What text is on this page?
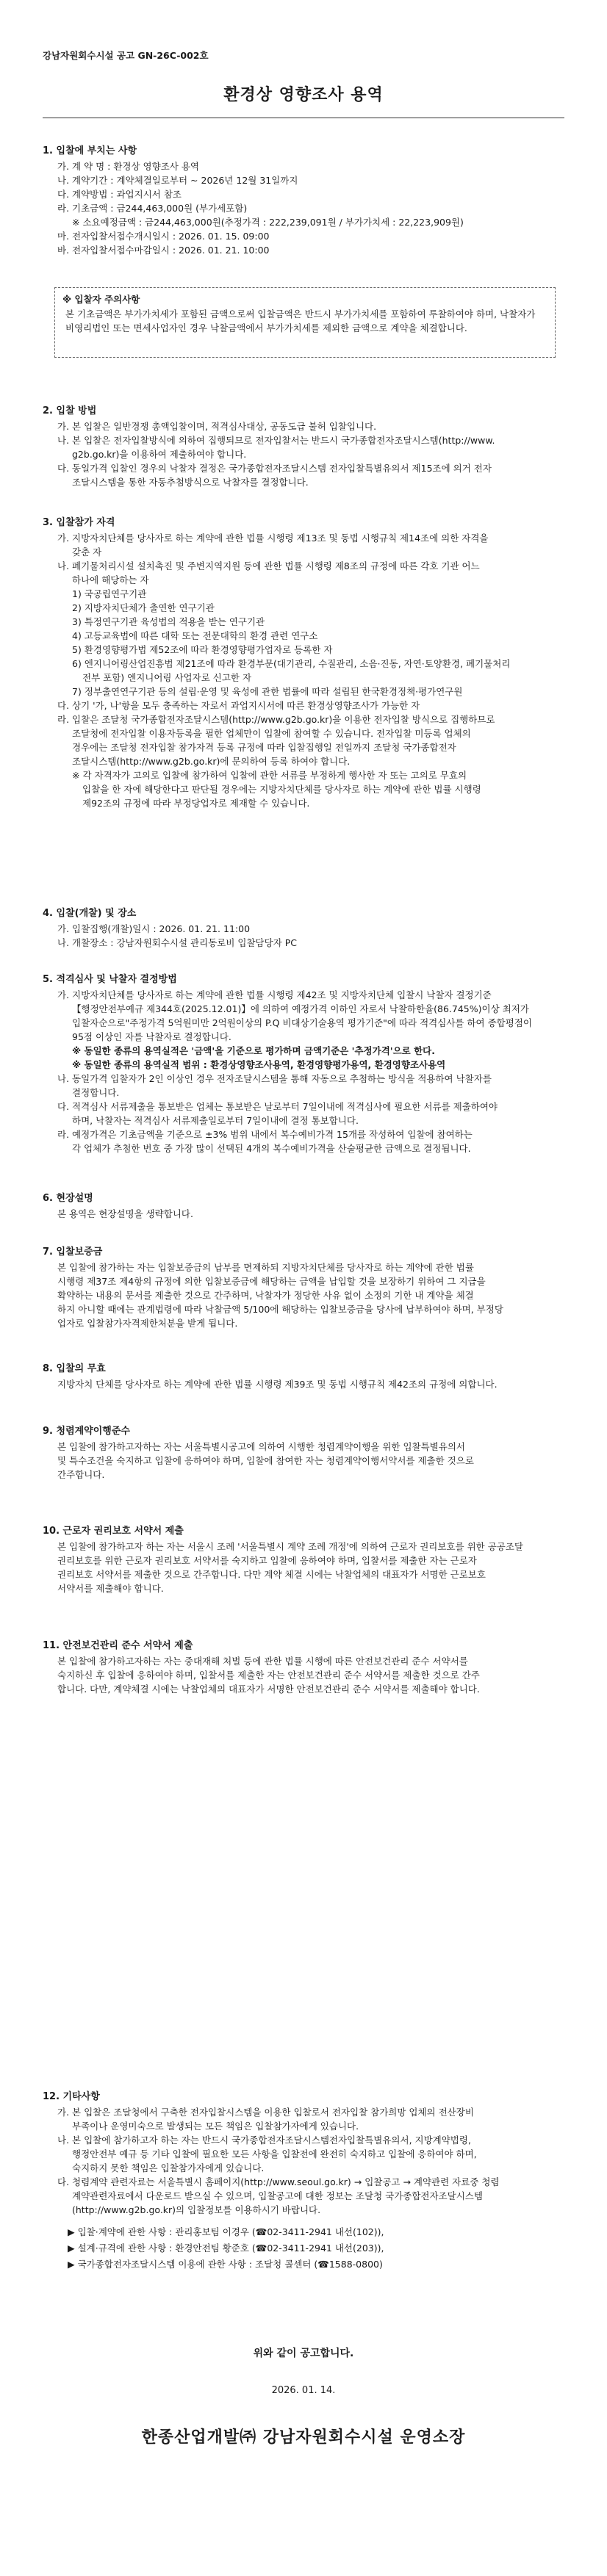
강남자원회수시설 공고 GN-26C-002호
환경상 영향조사 용역
1. 입찰에 부치는 사항
가. 계 약 명 : 환경상 영향조사 용역
나. 계약기간 : 계약체결일로부터 ~ 2026년 12월 31일까지
다. 계약방법 : 과업지시서 참조
라. 기초금액 : 금244,463,000원 (부가세포함)
※ 소요예정금액 : 금244,463,000원(추정가격 : 222,239,091원 / 부가가치세 : 22,223,909원)
마. 전자입찰서접수개시일시 : 2026. 01. 15. 09:00
바. 전자입찰서접수마감일시 : 2026. 01. 21. 10:00
※ 입찰자 주의사항
본 기초금액은 부가가치세가 포함된 금액으로써 입찰금액은 반드시 부가가치세를 포함하여 투찰하여야 하며, 낙찰자가 비영리법인 또는 면세사업자인 경우 낙찰금액에서 부가가치세를 제외한 금액으로 계약을 체결합니다.
2. 입찰 방법
가. 본 입찰은 일반경쟁 총액입찰이며, 적격심사대상, 공동도급 불허 입찰입니다.
나. 본 입찰은 전자입찰방식에 의하여 집행되므로 전자입찰서는 반드시 국가종합전자조달시스템(http://www.
g2b.go.kr)을 이용하여 제출하여야 합니다.
다. 동일가격 입찰인 경우의 낙찰자 결정은 국가종합전자조달시스템 전자입찰특별유의서 제15조에 의거 전자
조달시스템을 통한 자동추첨방식으로 낙찰자를 결정합니다.
3. 입찰참가 자격
가. 지방자치단체를 당사자로 하는 계약에 관한 법률 시행령 제13조 및 동법 시행규칙 제14조에 의한 자격을
갖춘 자
나. 폐기물처리시설 설치촉진 및 주변지역지원 등에 관한 법률 시행령 제8조의 규정에 따른 각호 기관 어느
하나에 해당하는 자
1) 국공립연구기관
2) 지방자치단체가 출연한 연구기관
3) 특정연구기관 육성법의 적용을 받는 연구기관
4) 고등교육법에 따른 대학 또는 전문대학의 환경 관련 연구소
5) 환경영향평가법 제52조에 따라 환경영향평가업자로 등록한 자
6) 엔지니어링산업진흥법 제21조에 따라 환경부문(대기관리, 수질관리, 소음·진동, 자연·토양환경, 폐기물처리
전부 포함) 엔지니어링 사업자로 신고한 자
7) 정부출연연구기관 등의 설립·운영 및 육성에 관한 법률에 따라 설립된 한국환경정책·평가연구원
다. 상기 '가, 나'항을 모두 충족하는 자로서 과업지시서에 따른 환경상영향조사가 가능한 자
라. 입찰은 조달청 국가종합전자조달시스템(http://www.g2b.go.kr)을 이용한 전자입찰 방식으로 집행하므로
조달청에 전자입찰 이용자등록을 필한 업체만이 입찰에 참여할 수 있습니다. 전자입찰 미등록 업체의
경우에는 조달청 전자입찰 참가자격 등록 규정에 따라 입찰집행일 전일까지 조달청 국가종합전자
조달시스템(http://www.g2b.go.kr)에 문의하여 등록 하여야 합니다.
※ 각 자격자가 고의로 입찰에 참가하여 입찰에 관한 서류를 부정하게 행사한 자 또는 고의로 무효의
입찰을 한 자에 해당한다고 판단될 경우에는 지방자치단체를 당사자로 하는 계약에 관한 법률 시행령
제92조의 규정에 따라 부정당업자로 제재할 수 있습니다.
4. 입찰(개찰) 및 장소
가. 입찰집행(개찰)일시 : 2026. 01. 21. 11:00
나. 개찰장소 : 강남자원회수시설 관리동로비 입찰담당자 PC
5. 적격심사 및 낙찰자 결정방법
가. 지방자치단체를 당사자로 하는 계약에 관한 법률 시행령 제42조 및 지방자치단체 입찰시 낙찰자 결정기준
【행정안전부예규 제344호(2025.12.01)】에 의하여 예정가격 이하인 자로서 낙찰하한율(86.745%)이상 최저가
입찰자순으로"주정가격 5억원미만 2억원이상의 P.Q 비대상기술용역 평가기준"에 따라 적격심사를 하여 종합평점이
95점 이상인 자를 낙찰자로 결정합니다.
※ 동일한 종류의 용역실적은 '금액'을 기준으로 평가하며 금액기준은 '추정가격'으로 한다.
※ 동일한 종류의 용역실적 범위 : 환경상영향조사용역, 환경영향평가용역, 환경영향조사용역
나. 동일가격 입찰자가 2인 이상인 경우 전자조달시스템을 통해 자동으로 추첨하는 방식을 적용하여 낙찰자를
결정합니다.
다. 적격심사 서류제출을 통보받은 업체는 통보받은 날로부터 7일이내에 적격심사에 필요한 서류를 제출하여야
하며, 낙찰자는 적격심사 서류제출일로부터 7일이내에 결정 통보합니다.
라. 예정가격은 기초금액을 기준으로 ±3% 범위 내에서 복수예비가격 15개를 작성하여 입찰에 참여하는
각 업체가 추첨한 번호 중 가장 많이 선택된 4개의 복수예비가격을 산술평균한 금액으로 결정됩니다.
6. 현장설명
본 용역은 현장설명을 생략합니다.
7. 입찰보증금
본 입찰에 참가하는 자는 입찰보증금의 납부를 면제하되 지방자치단체를 당사자로 하는 계약에 관한 법률
시행령 제37조 제4항의 규정에 의한 입찰보증금에 해당하는 금액을 납입할 것을 보장하기 위하여 그 지급을
확약하는 내용의 문서를 제출한 것으로 간주하며, 낙찰자가 정당한 사유 없이 소정의 기한 내 계약을 체결
하지 아니할 때에는 관계법령에 따라 낙찰금액 5/100에 해당하는 입찰보증금을 당사에 납부하여야 하며, 부정당
업자로 입찰참가자격제한처분을 받게 됩니다.
8. 입찰의 무효
지방자치 단체를 당사자로 하는 계약에 관한 법률 시행령 제39조 및 동법 시행규칙 제42조의 규정에 의합니다.
9. 청렴계약이행준수
본 입찰에 참가하고자하는 자는 서울특별시공고에 의하여 시행한 청렴계약이행을 위한 입찰특별유의서
및 특수조건을 숙지하고 입찰에 응하여야 하며, 입찰에 참여한 자는 청렴계약이행서약서를 제출한 것으로
간주합니다.
10. 근로자 권리보호 서약서 제출
본 입찰에 참가하고자 하는 자는 서울시 조례 '서울특별시 계약 조례 개정'에 의하여 근로자 권리보호를 위한 공공조달
권리보호를 위한 근로자 권리보호 서약서를 숙지하고 입찰에 응하여야 하며, 입찰서를 제출한 자는 근로자
권리보호 서약서를 제출한 것으로 간주합니다. 다만 계약 체결 시에는 낙찰업체의 대표자가 서명한 근로보호
서약서를 제출해야 합니다.
11. 안전보건관리 준수 서약서 제출
본 입찰에 참가하고자하는 자는 중대재해 처벌 등에 관한 법률 시행에 따른 안전보건관리 준수 서약서를
숙지하신 후 입찰에 응하여야 하며, 입찰서를 제출한 자는 안전보건관리 준수 서약서를 제출한 것으로 간주
합니다. 다만, 계약체결 시에는 낙찰업체의 대표자가 서명한 안전보건관리 준수 서약서를 제출해야 합니다.
12. 기타사항
가. 본 입찰은 조달청에서 구축한 전자입찰시스템을 이용한 입찰로서 전자입찰 참가희망 업체의 전산장비
부족이나 운영미숙으로 발생되는 모든 책임은 입찰참가자에게 있습니다.
나. 본 입찰에 참가하고자 하는 자는 반드시 국가종합전자조달시스템전자입찰특별유의서, 지방계약법령,
행정안전부 예규 등 기타 입찰에 필요한 모든 사항을 입찰전에 완전히 숙지하고 입찰에 응하여야 하며,
숙지하지 못한 책임은 입찰참가자에게 있습니다.
다. 청렴계약 관련자료는 서울특별시 홈페이지(http://www.seoul.go.kr) → 입찰공고 → 계약관련 자료중 청렴
계약관련자료에서 다운로드 받으실 수 있으며, 입찰공고에 대한 정보는 조달청 국가종합전자조달시스템
(http://www.g2b.go.kr)의 입찰정보를 이용하시기 바랍니다.
▶ 입찰·계약에 관한 사항 : 관리홍보팀 이경우 (☎02-3411-2941 내선(102)),
▶ 설계·규격에 관한 사항 : 환경안전팀 황준호 (☎02-3411-2941 내선(203)),
▶ 국가종합전자조달시스템 이용에 관한 사항 : 조달청 콜센터 (☎1588-0800)
위와 같이 공고합니다.
2026. 01. 14.
한종산업개발㈜ 강남자원회수시설 운영소장
